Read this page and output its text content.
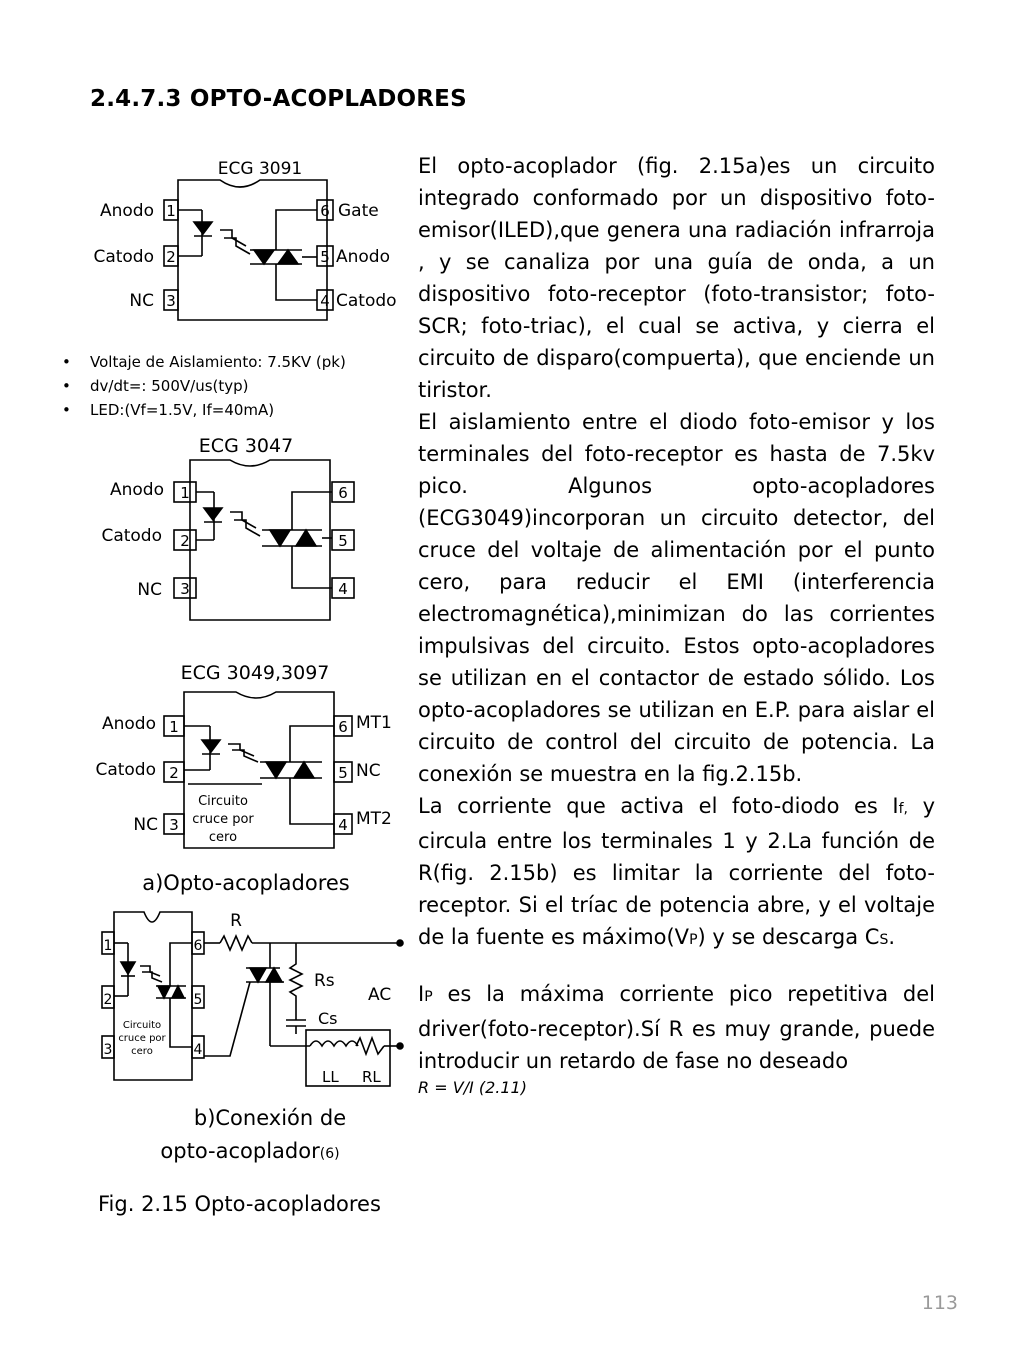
2.4.7.3 OPTO-ACOPLADORES
ECG 3091
Anodo
Catodo
NC
1
2
3
6
5
4
Gate
Anodo
Catodo
ECG 3047
Anodo
Catodo
NC
1
2
3
6
5
4
ECG 3049,3097
Anodo
Catodo
NC
1
2
3
6
5
4
MT1
NC
MT2
Circuito
cruce por
cero
a)Opto-acopladores
1
2
3
6
5
4
Circuito
cruce por
cero
R
Rs
Cs
AC
LL RL
b)Conexión de
opto-acoplador(6)
• Voltaje de Aislamiento: 7.5KV (pk)
• dv/dt=: 500V/us(typ)
• LED:(Vf=1.5V, If=40mA)
Fig. 2.15 Opto-acopladores

El opto-acoplador (fig. 2.15a)es un circuito integrado conformado por un dispositivo foto-emisor(ILED),que genera una radiación infrarroja , y se canaliza por una guía de onda, a un dispositivo foto-receptor (foto-transistor; foto-SCR; foto-triac), el cual se activa, y cierra el circuito de disparo(compuerta), que enciende un tiristor.

El aislamiento entre el diodo foto-emisor y los terminales del foto-receptor es hasta de 7.5kv pico. Algunos opto-acopladores (ECG3049)incorporan un circuito detector, del cruce del voltaje de alimentación por el punto cero, para reducir el EMI (interferencia electromagnética),minimizan do las corrientes impulsivas del circuito. Estos opto-acopladores se utilizan en el contactor de estado sólido. Los opto-acopladores se utilizan en E.P. para aislar el circuito de control del circuito de potencia. La conexión se muestra en la fig.2.15b.

La corriente que activa el foto-diodo es If, y circula entre los terminales 1 y 2.La función de R(fig. 2.15b) es limitar la corriente del foto-receptor. Si el tríac de potencia abre, y el voltaje de la fuente es máximo(VP) y se descarga CS.

IP es la máxima corriente pico repetitiva del driver(foto-receptor).Sí R es muy grande, puede introducir un retardo de fase no deseado

R = V/I (2.11)

113
